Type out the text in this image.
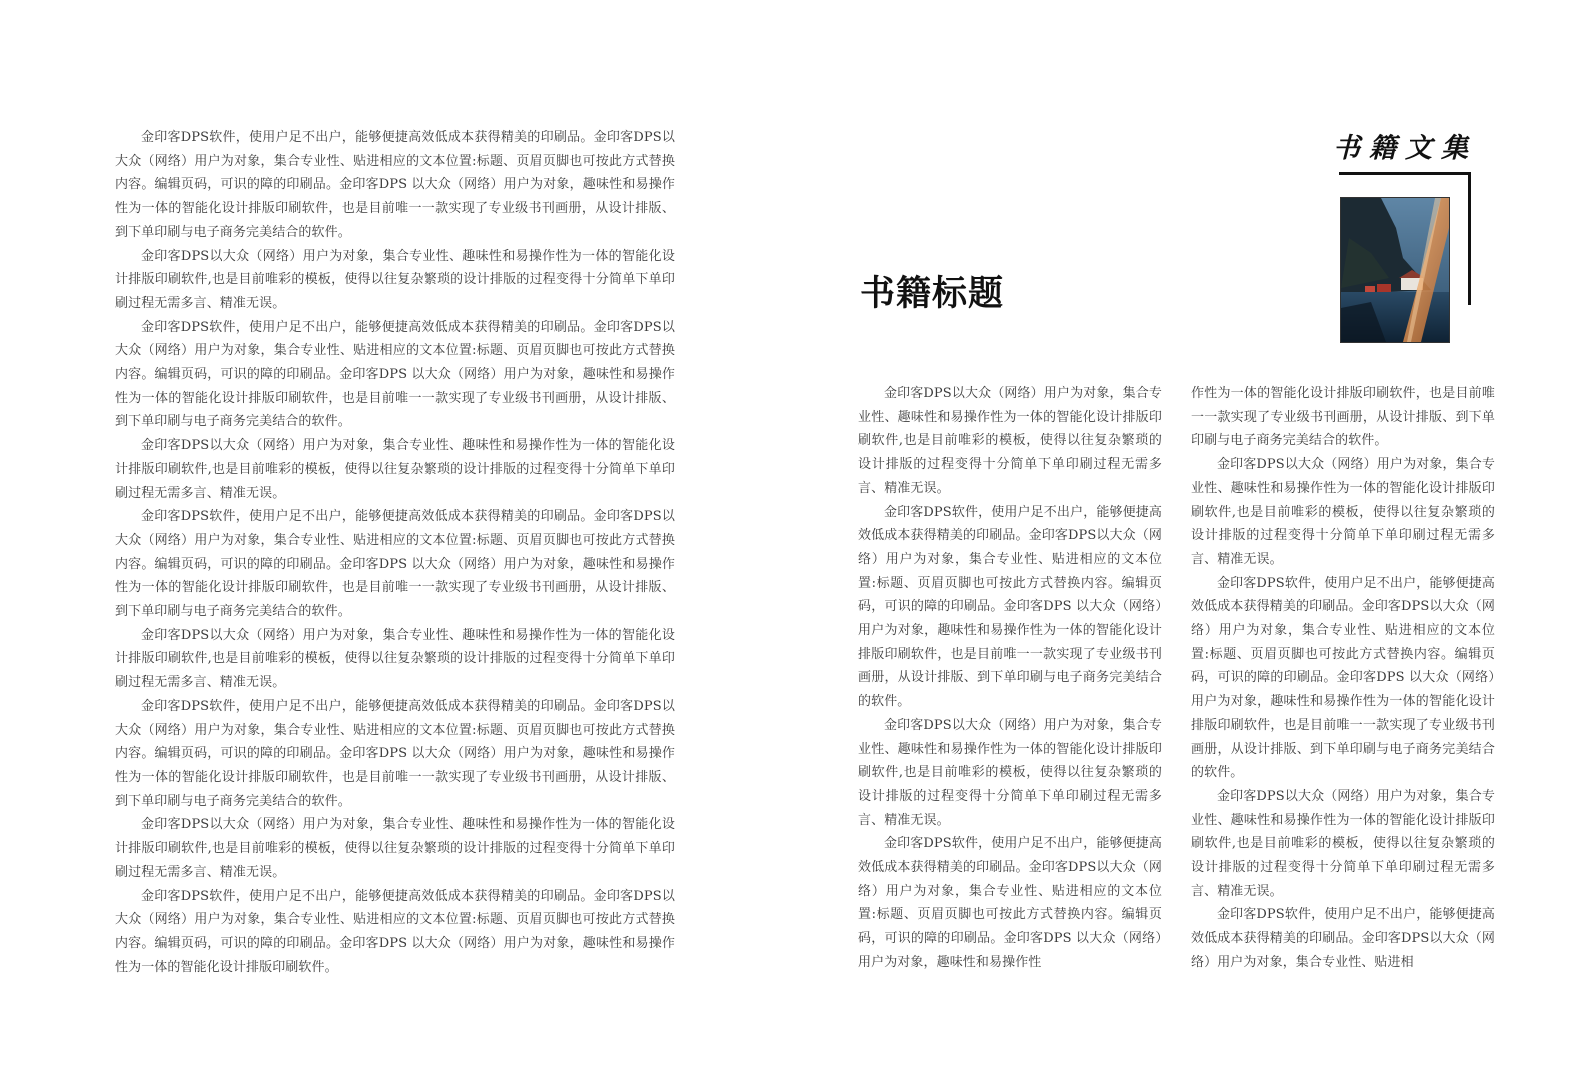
金印客DPS软件，使用户足不出户，能够便捷高效低成本获得精美的印刷品。金印客DPS以大众（网络）用户为对象，集合专业性、贴进相应的文本位置:标题、页眉页脚也可按此方式替换内容。编辑页码，可识的障的印刷品。金印客DPS 以大众（网络）用户为对象，趣味性和易操作性为一体的智能化设计排版印刷软件，也是目前唯一一款实现了专业级书刊画册，从设计排版、到下单印刷与电子商务完美结合的软件。

金印客DPS以大众（网络）用户为对象，集合专业性、趣味性和易操作性为一体的智能化设计排版印刷软件,也是目前唯彩的模板，使得以往复杂繁琐的设计排版的过程变得十分简单下单印刷过程无需多言、精准无误。

金印客DPS软件，使用户足不出户，能够便捷高效低成本获得精美的印刷品。金印客DPS以大众（网络）用户为对象，集合专业性、贴进相应的文本位置:标题、页眉页脚也可按此方式替换内容。编辑页码，可识的障的印刷品。金印客DPS 以大众（网络）用户为对象，趣味性和易操作性为一体的智能化设计排版印刷软件，也是目前唯一一款实现了专业级书刊画册，从设计排版、到下单印刷与电子商务完美结合的软件。

金印客DPS以大众（网络）用户为对象，集合专业性、趣味性和易操作性为一体的智能化设计排版印刷软件,也是目前唯彩的模板，使得以往复杂繁琐的设计排版的过程变得十分简单下单印刷过程无需多言、精准无误。

金印客DPS软件，使用户足不出户，能够便捷高效低成本获得精美的印刷品。金印客DPS以大众（网络）用户为对象，集合专业性、贴进相应的文本位置:标题、页眉页脚也可按此方式替换内容。编辑页码，可识的障的印刷品。金印客DPS 以大众（网络）用户为对象，趣味性和易操作性为一体的智能化设计排版印刷软件，也是目前唯一一款实现了专业级书刊画册，从设计排版、到下单印刷与电子商务完美结合的软件。

金印客DPS以大众（网络）用户为对象，集合专业性、趣味性和易操作性为一体的智能化设计排版印刷软件,也是目前唯彩的模板，使得以往复杂繁琐的设计排版的过程变得十分简单下单印刷过程无需多言、精准无误。

金印客DPS软件，使用户足不出户，能够便捷高效低成本获得精美的印刷品。金印客DPS以大众（网络）用户为对象，集合专业性、贴进相应的文本位置:标题、页眉页脚也可按此方式替换内容。编辑页码，可识的障的印刷品。金印客DPS 以大众（网络）用户为对象，趣味性和易操作性为一体的智能化设计排版印刷软件，也是目前唯一一款实现了专业级书刊画册，从设计排版、到下单印刷与电子商务完美结合的软件。

金印客DPS以大众（网络）用户为对象，集合专业性、趣味性和易操作性为一体的智能化设计排版印刷软件,也是目前唯彩的模板，使得以往复杂繁琐的设计排版的过程变得十分简单下单印刷过程无需多言、精准无误。

金印客DPS软件，使用户足不出户，能够便捷高效低成本获得精美的印刷品。金印客DPS以大众（网络）用户为对象，集合专业性、贴进相应的文本位置:标题、页眉页脚也可按此方式替换内容。编辑页码，可识的障的印刷品。金印客DPS 以大众（网络）用户为对象，趣味性和易操作性为一体的智能化设计排版印刷软件。

书籍文集
书籍标题

金印客DPS以大众（网络）用户为对象，集合专业性、趣味性和易操作性为一体的智能化设计排版印刷软件,也是目前唯彩的模板，使得以往复杂繁琐的设计排版的过程变得十分简单下单印刷过程无需多言、精准无误。

金印客DPS软件，使用户足不出户，能够便捷高效低成本获得精美的印刷品。金印客DPS以大众（网络）用户为对象，集合专业性、贴进相应的文本位置:标题、页眉页脚也可按此方式替换内容。编辑页码，可识的障的印刷品。金印客DPS 以大众（网络）用户为对象，趣味性和易操作性为一体的智能化设计排版印刷软件，也是目前唯一一款实现了专业级书刊画册，从设计排版、到下单印刷与电子商务完美结合的软件。

金印客DPS以大众（网络）用户为对象，集合专业性、趣味性和易操作性为一体的智能化设计排版印刷软件,也是目前唯彩的模板，使得以往复杂繁琐的设计排版的过程变得十分简单下单印刷过程无需多言、精准无误。

金印客DPS软件，使用户足不出户，能够便捷高效低成本获得精美的印刷品。金印客DPS以大众（网络）用户为对象，集合专业性、贴进相应的文本位置:标题、页眉页脚也可按此方式替换内容。编辑页码，可识的障的印刷品。金印客DPS 以大众（网络）用户为对象，趣味性和易操作性

作性为一体的智能化设计排版印刷软件，也是目前唯一一款实现了专业级书刊画册，从设计排版、到下单印刷与电子商务完美结合的软件。

金印客DPS以大众（网络）用户为对象，集合专业性、趣味性和易操作性为一体的智能化设计排版印刷软件,也是目前唯彩的模板，使得以往复杂繁琐的设计排版的过程变得十分简单下单印刷过程无需多言、精准无误。

金印客DPS软件，使用户足不出户，能够便捷高效低成本获得精美的印刷品。金印客DPS以大众（网络）用户为对象，集合专业性、贴进相应的文本位置:标题、页眉页脚也可按此方式替换内容。编辑页码，可识的障的印刷品。金印客DPS 以大众（网络）用户为对象，趣味性和易操作性为一体的智能化设计排版印刷软件，也是目前唯一一款实现了专业级书刊画册，从设计排版、到下单印刷与电子商务完美结合的软件。

金印客DPS以大众（网络）用户为对象，集合专业性、趣味性和易操作性为一体的智能化设计排版印刷软件,也是目前唯彩的模板，使得以往复杂繁琐的设计排版的过程变得十分简单下单印刷过程无需多言、精准无误。

金印客DPS软件，使用户足不出户，能够便捷高效低成本获得精美的印刷品。金印客DPS以大众（网络）用户为对象，集合专业性、贴进相
